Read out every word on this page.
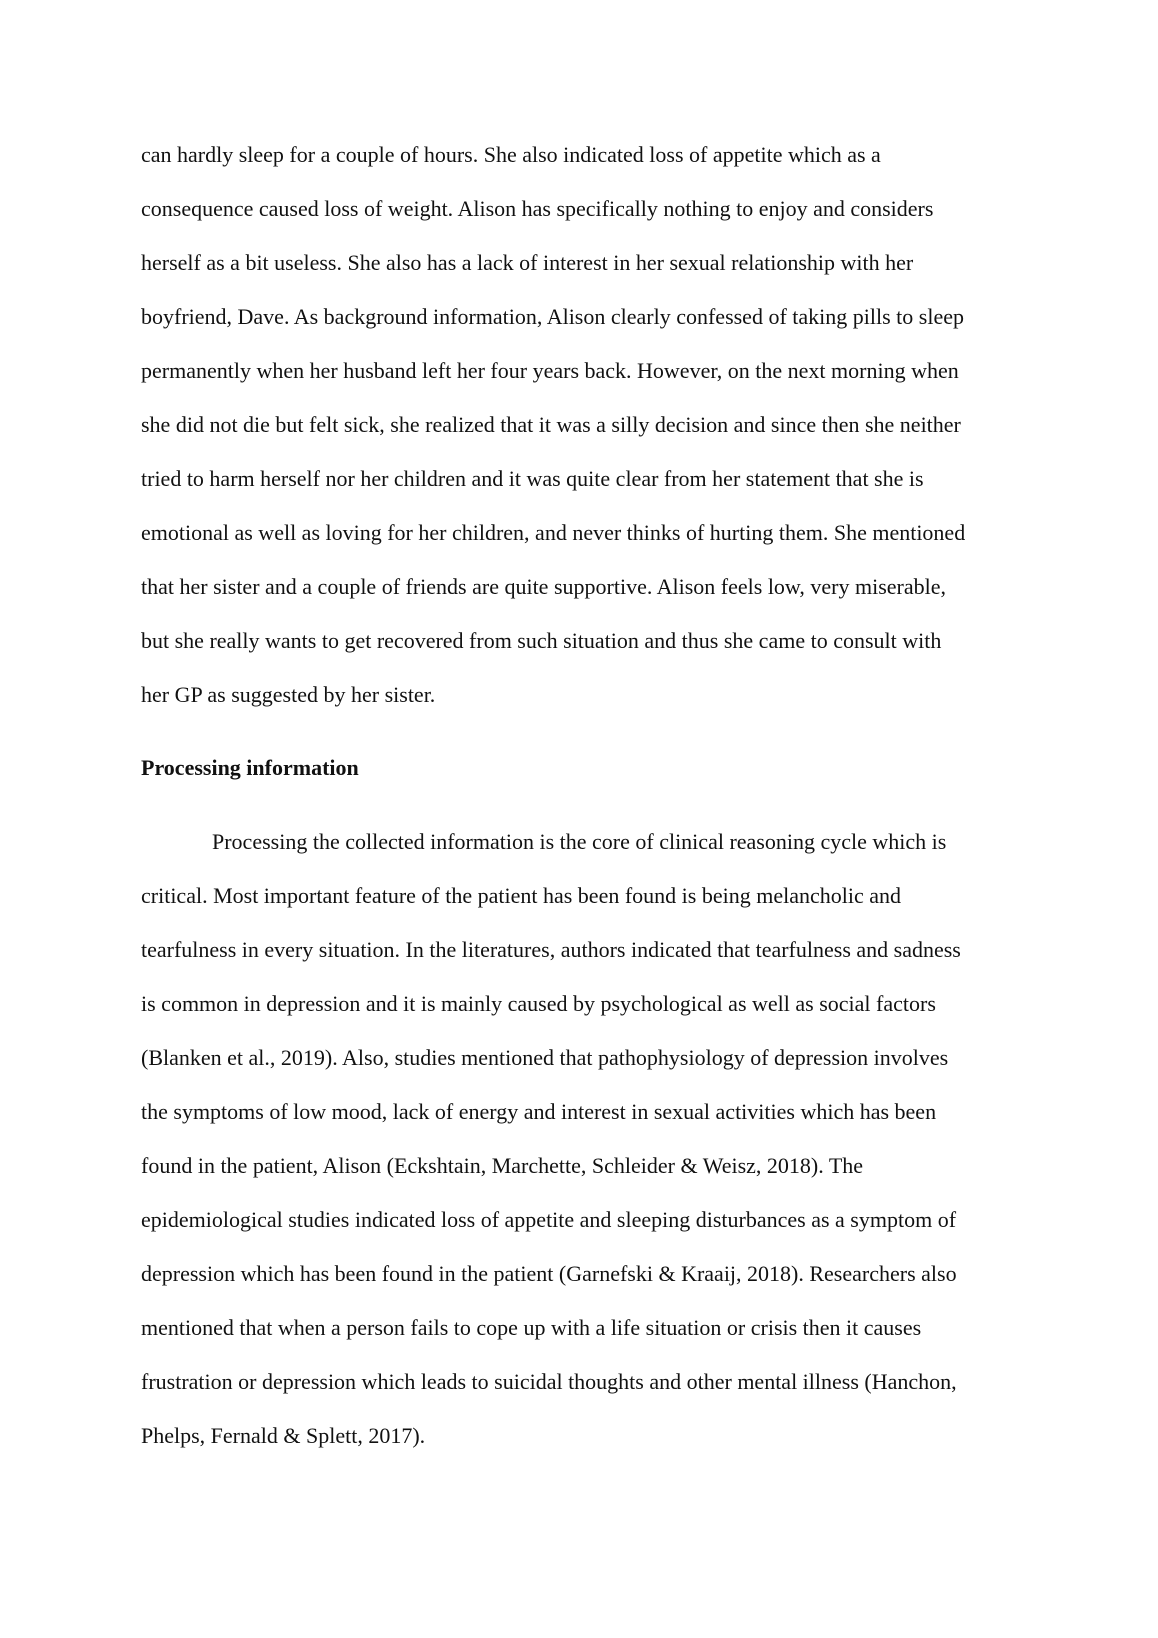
can hardly sleep for a couple of hours. She also indicated loss of appetite which as a

consequence caused loss of weight. Alison has specifically nothing to enjoy and considers

herself as a bit useless. She also has a lack of interest in her sexual relationship with her

boyfriend, Dave. As background information, Alison clearly confessed of taking pills to sleep

permanently when her husband left her four years back. However, on the next morning when

she did not die but felt sick, she realized that it was a silly decision and since then she neither

tried to harm herself nor her children and it was quite clear from her statement that she is

emotional as well as loving for her children, and never thinks of hurting them. She mentioned

that her sister and a couple of friends are quite supportive. Alison feels low, very miserable,

but she really wants to get recovered from such situation and thus she came to consult with

her GP as suggested by her sister.

Processing information

Processing the collected information is the core of clinical reasoning cycle which is

critical. Most important feature of the patient has been found is being melancholic and

tearfulness in every situation. In the literatures, authors indicated that tearfulness and sadness

is common in depression and it is mainly caused by psychological as well as social factors

(Blanken et al., 2019). Also, studies mentioned that pathophysiology of depression involves

the symptoms of low mood, lack of energy and interest in sexual activities which has been

found in the patient, Alison (Eckshtain, Marchette, Schleider & Weisz, 2018). The

epidemiological studies indicated loss of appetite and sleeping disturbances as a symptom of

depression which has been found in the patient (Garnefski & Kraaij, 2018). Researchers also

mentioned that when a person fails to cope up with a life situation or crisis then it causes

frustration or depression which leads to suicidal thoughts and other mental illness (Hanchon,

Phelps, Fernald & Splett, 2017).
